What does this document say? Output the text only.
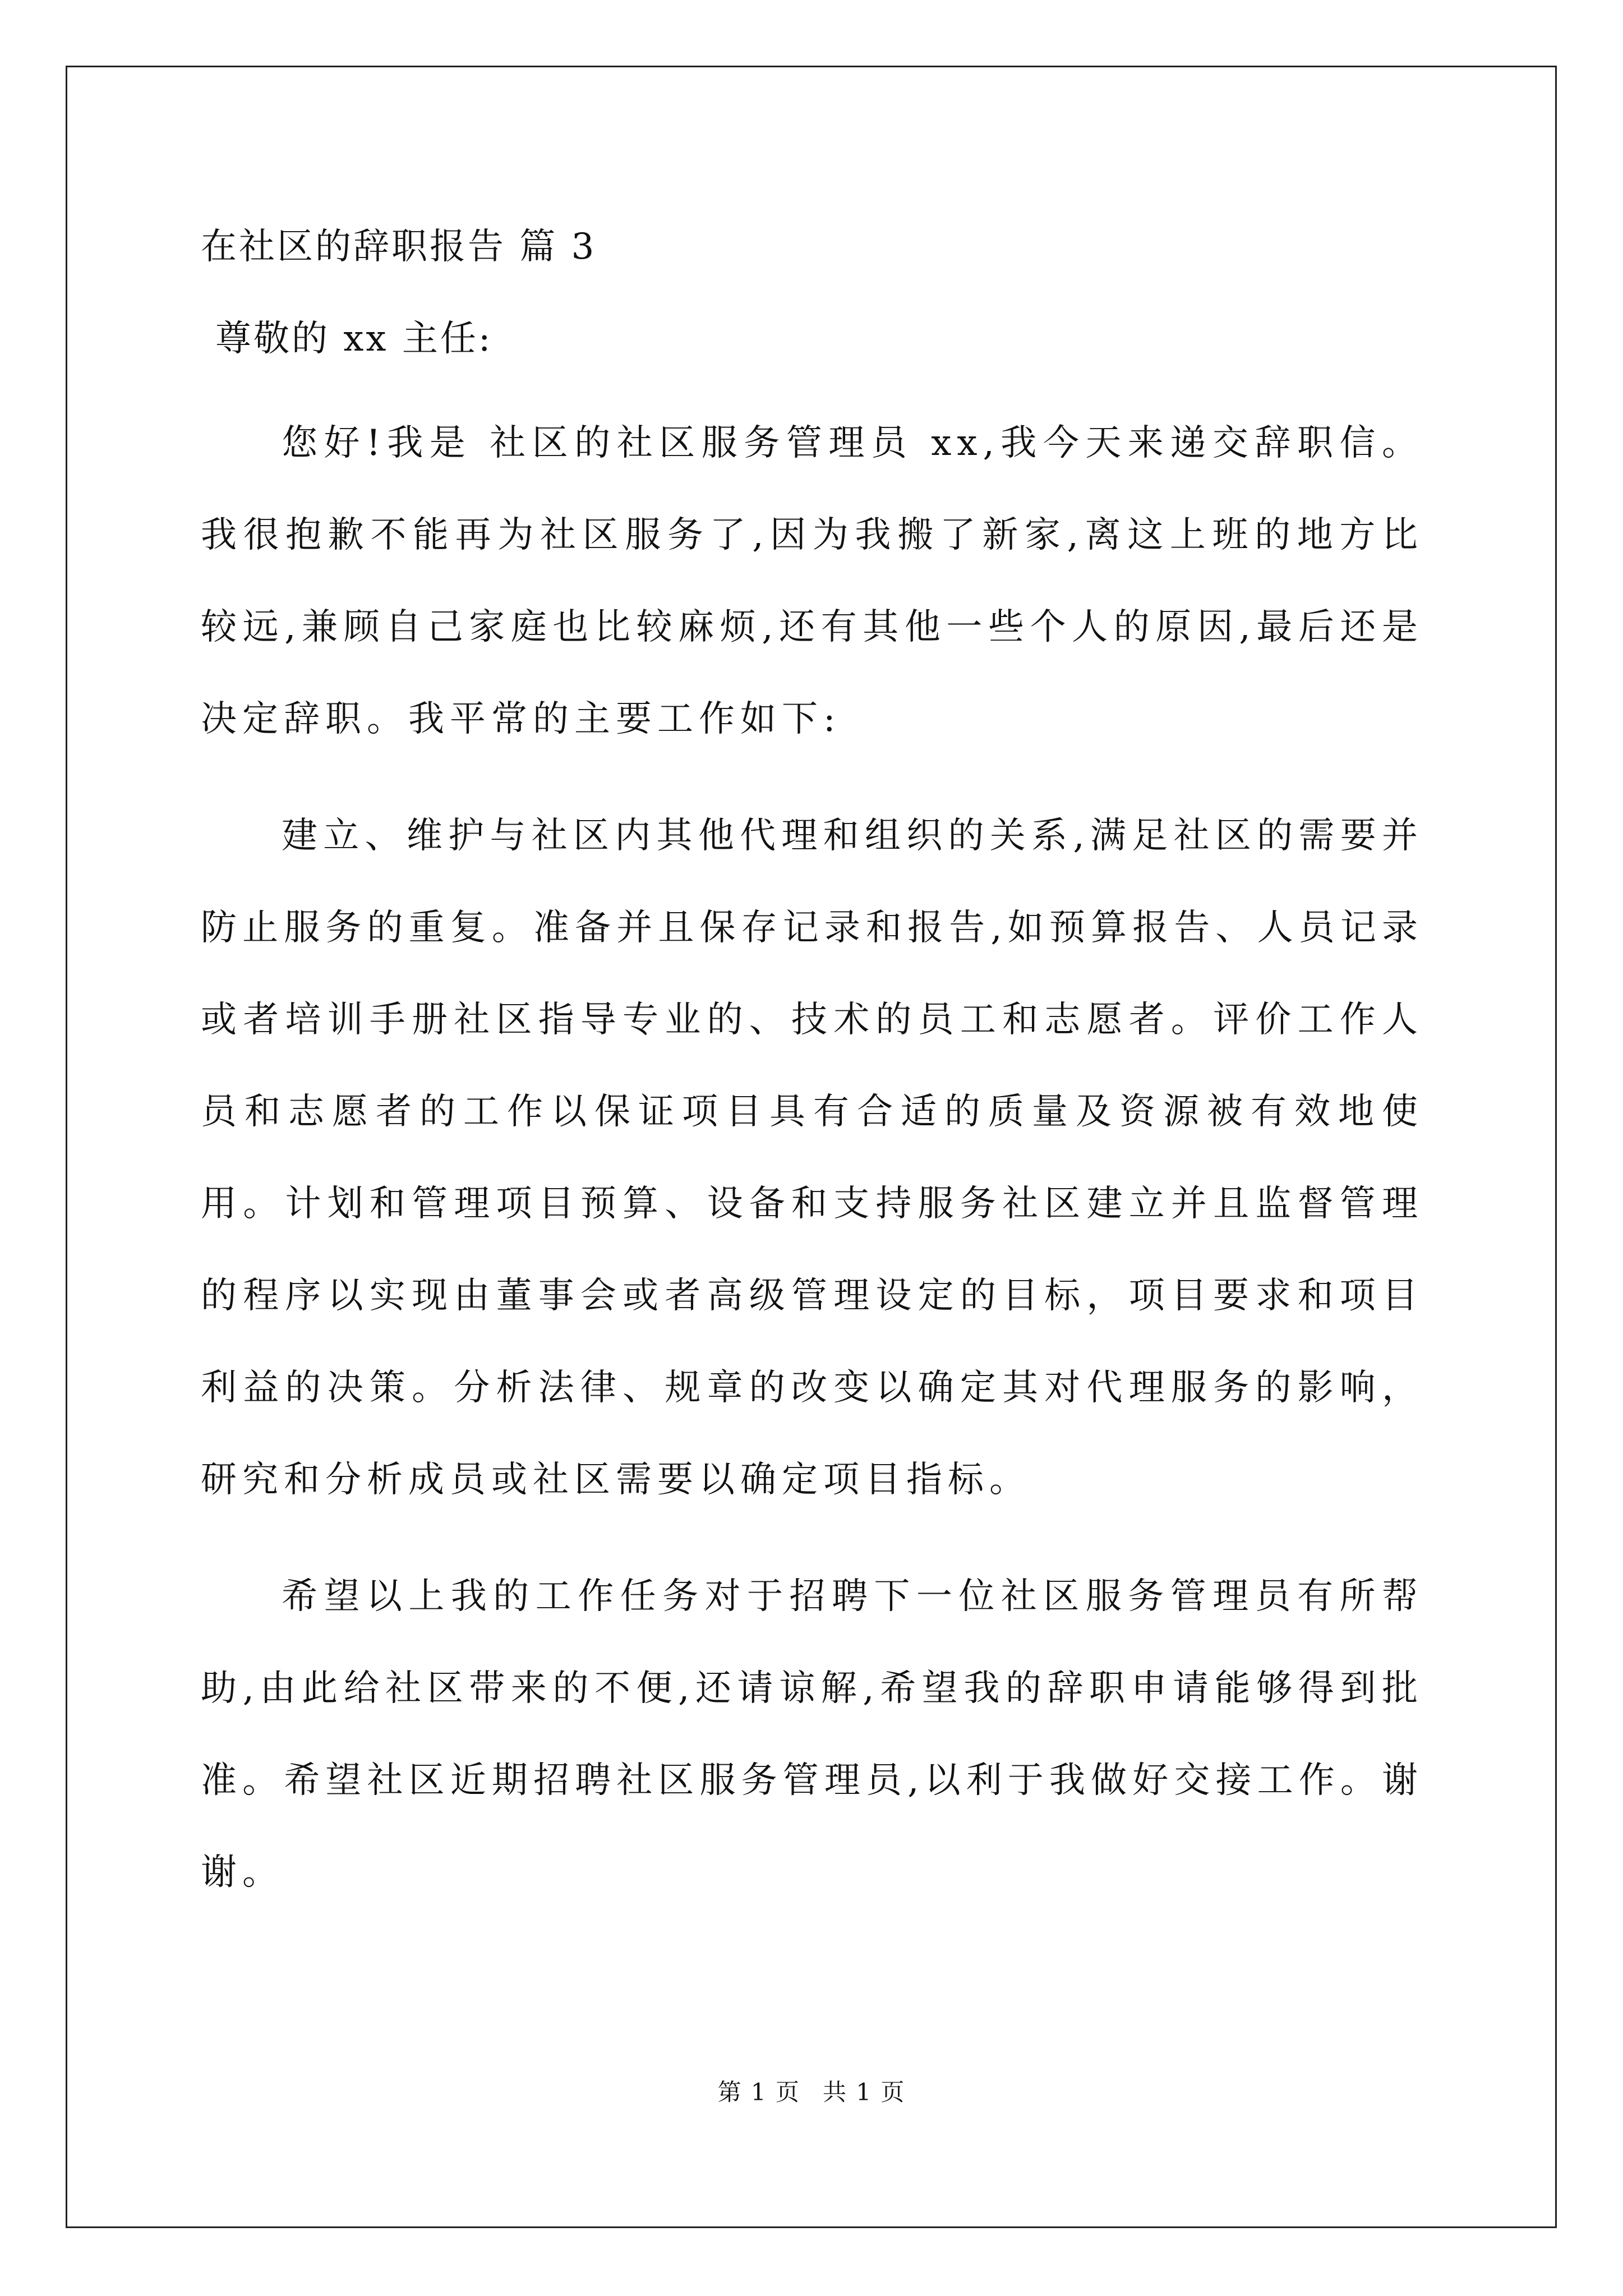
在社区的辞职报告 篇 3
尊敬的 xx 主任:

您好!我是 社区的社区服务管理员 xx,我今天来递交辞职信。我很抱歉不能再为社区服务了,因为我搬了新家,离这上班的地方比较远,兼顾自己家庭也比较麻烦,还有其他一些个人的原因,最后还是决定辞职。我平常的主要工作如下:

建立、维护与社区内其他代理和组织的关系,满足社区的需要并防止服务的重复。准备并且保存记录和报告,如预算报告、人员记录或者培训手册社区指导专业的、技术的员工和志愿者。评价工作人员和志愿者的工作以保证项目具有合适的质量及资源被有效地使用。计划和管理项目预算、设备和支持服务社区建立并且监督管理的程序以实现由董事会或者高级管理设定的目标，项目要求和项目利益的决策。分析法律、规章的改变以确定其对代理服务的影响，研究和分析成员或社区需要以确定项目指标。

希望以上我的工作任务对于招聘下一位社区服务管理员有所帮助,由此给社区带来的不便,还请谅解,希望我的辞职申请能够得到批准。希望社区近期招聘社区服务管理员,以利于我做好交接工作。谢谢。

第 1 页 共 1 页
